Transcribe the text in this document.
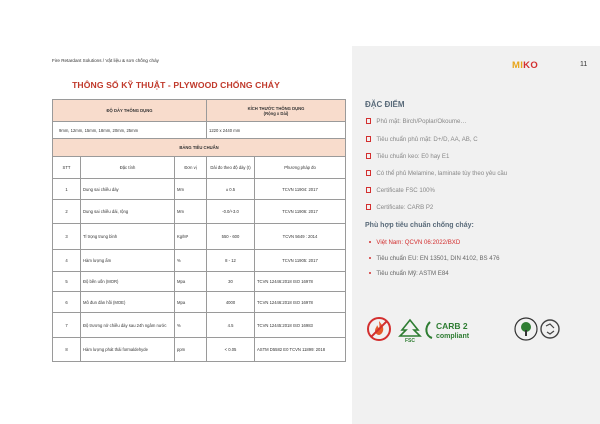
Fire Retardant Solutions / Vật liệu & sơn chống cháy
THÔNG SỐ KỸ THUẬT - PLYWOOD CHỐNG CHÁY
ĐỘ DÀY THÔNG DỤNG			KÍCH THƯỚC THÔNG DỤNG
(Rộng x Dài)	
9mm, 12mm, 15mm, 18mm, 20mm, 25mm			1220 x 2440 mm	
BẢNG TIÊU CHUẨN				
STT	Đặc tính	Đơn vị	Dải đo theo độ dày (t)	Phương pháp đo
1	Dung sai chiều dày	Mm	± 0.5	TCVN 11904: 2017
2	Dung sai chiều dài, rộng	Mm	-0.0/+3.0	TCVN 11906: 2017
3	Tỉ trọng trung bình	Kg/M³	550 - 600	TCVN 5649 : 2014
4	Hàm lượng ẩm	%	8 - 12	TCVN 11905: 2017
5	Độ bền uốn (MOR)	Mpa	30	TCVN 12446:2018 ISO 16978
6	Mô đun đàn hồi (MOE)	Mpa	4000	TCVN 12446:2018 ISO 16978
7	Độ trương nở chiều dày sau 24h ngâm nước	%	4.5	TCVN 12445:2018 ISO 16983
8	Hàm lượng phát thải formaldehyde	ppm	< 0.05	ASTM D5582 E0 TCVN 11899: 2018
MIKO	11
ĐẶC ĐIỂM
Phủ mặt: Birch/Poplar/Okoume…
Tiêu chuẩn phủ mặt: D+/D, AA, AB, C
Tiêu chuẩn keo: E0 hay E1
Có thể phủ Melamine, laminate tùy theo yêu cầu
Certificate FSC 100%
Certificate: CARB P2
Phù hợp tiêu chuẩn chống cháy:
Việt Nam: QCVN 06:2022/BXD
Tiêu chuẩn EU: EN 13501, DIN 4102, BS 476
Tiêu chuẩn Mỹ: ASTM E84
FSC
CARB 2
compliant
